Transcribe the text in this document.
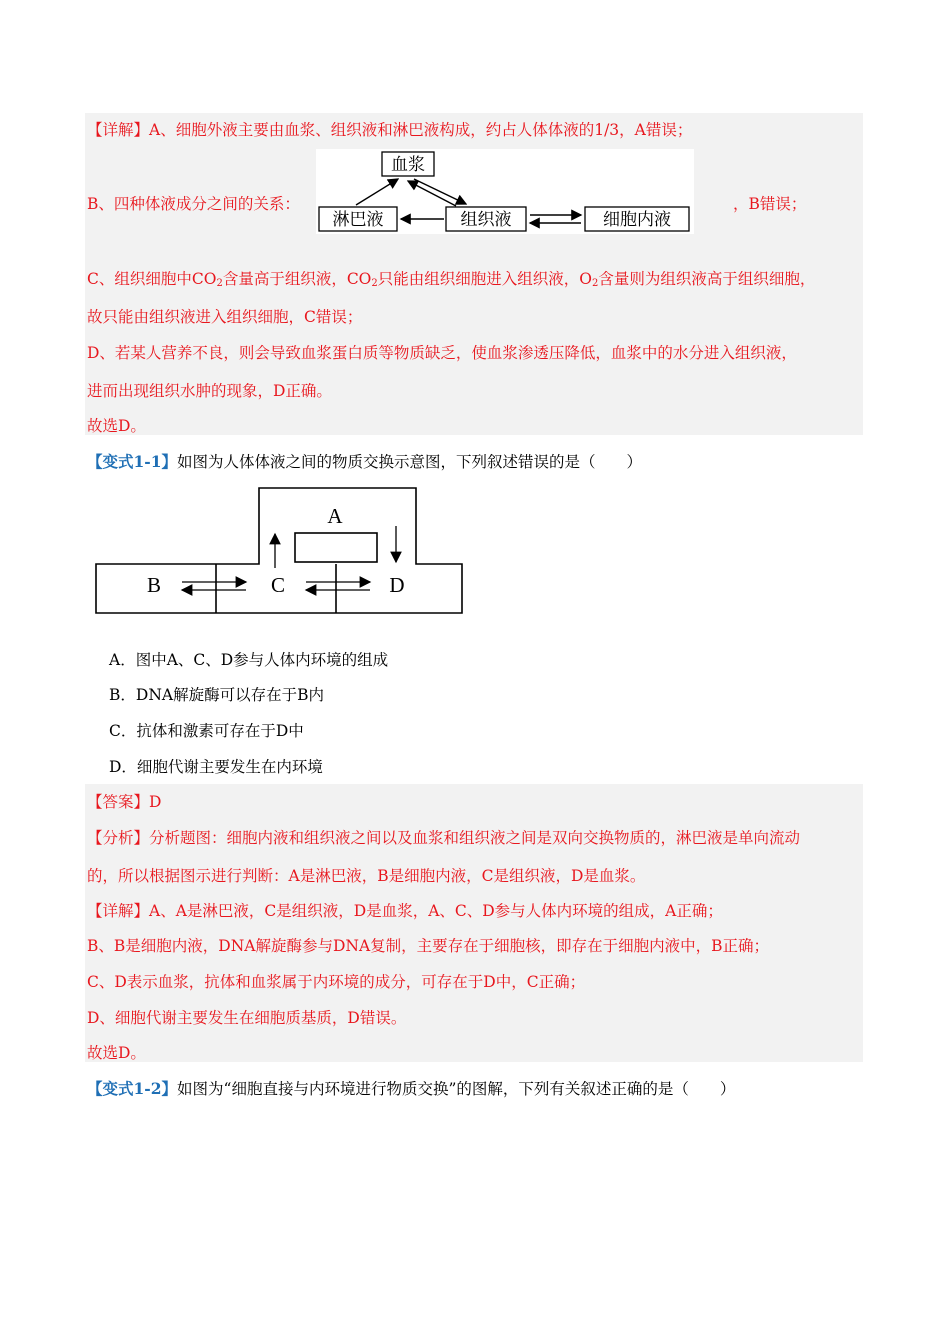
【详解】A、细胞外液主要由血浆、组织液和淋巴液构成，约占人体体液的1/3，A错误；
B、四种体液成分之间的关系：
血浆
淋巴液	组织液	细胞内液
，B错误；
C、组织细胞中$CO_2$含量高于组织液，$CO_2$只能由组织细胞进入组织液，$O_2$含量则为组织液高于组织细胞，
故只能由组织液进入组织细胞，C错误；
D、若某人营养不良，则会导致血浆蛋白质等物质缺乏，使血浆渗透压降低，血浆中的水分进入组织液，
进而出现组织水肿的现象，D正确。
故选D。
【变式1-1】如图为人体体液之间的物质交换示意图，下列叙述错误的是（　　）
A
B	C	D
A．图中A、C、D参与人体内环境的组成
B．DNA解旋酶可以存在于B内
C．抗体和激素可存在于D中
D．细胞代谢主要发生在内环境
【答案】D
【分析】分析题图：细胞内液和组织液之间以及血浆和组织液之间是双向交换物质的，淋巴液是单向流动
的，所以根据图示进行判断：A是淋巴液，B是细胞内液，C是组织液，D是血浆。
【详解】A、A是淋巴液，C是组织液，D是血浆，A、C、D参与人体内环境的组成，A正确；
B、B是细胞内液，DNA解旋酶参与DNA复制，主要存在于细胞核，即存在于细胞内液中，B正确；
C、D表示血浆，抗体和血浆属于内环境的成分，可存在于D中，C正确；
D、细胞代谢主要发生在细胞质基质，D错误。
故选D。
【变式1-2】如图为“细胞直接与内环境进行物质交换”的图解，下列有关叙述正确的是（　　）
